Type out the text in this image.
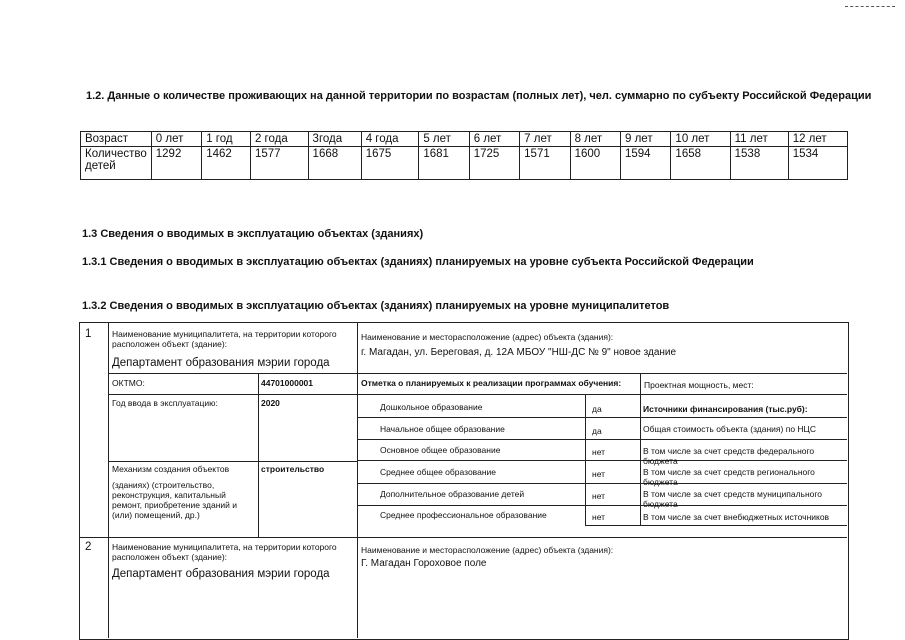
1.2. Данные о количестве проживающих на данной территории по возрастам (полных лет), чел. суммарно по субъекту Российской Федерации
Возраст	0 лет	1 год	2 года	3года	4 года	5 лет	6 лет	7 лет	8 лет	9 лет	10 лет	11 лет	12 лет
Количество детей	1292	1462	1577	1668	1675	1681	1725	1571	1600	1594	1658	1538	1534
1.3 Сведения о вводимых в эксплуатацию объектах (зданиях)
1.3.1 Сведения о вводимых в эксплуатацию объектах (зданиях) планируемых на уровне субъекта Российской Федерации
1.3.2 Сведения о вводимых в эксплуатацию объектах (зданиях) планируемых на уровне муниципалитетов
1 Наименование муниципалитета, на территории которого расположен объект (здание):
Департамент образования мэрии города
Наименование и месторасположение (адрес) объекта (здания):
г. Магадан, ул. Береговая, д. 12А МБОУ "НШ-ДС № 9" новое здание
ОКТМО:	44701000001	Отметка о планируемых к реализации программах обучения:	Проектная мощность, мест:
Год ввода в эксплуатацию:	2020
Механизм создания объектов
(зданиях) (строительство, реконструкция, капитальный ремонт, приобретение зданий и (или) помещений, др.)
строительство
Дошкольное образование	да	Источники финансирования (тыс.руб):
Начальное общее образование	да	Общая стоимость объекта (здания) по НЦС
Основное общее образование	нет	В том числе за счет средств федерального бюджета
Среднее общее образование	нет	В том числе за счет средств регионального бюджета
Дополнительное образование детей	нет	В том числе за счет средств муниципального бюджета
Среднее профессиональное образование	нет	В том числе за счет внебюджетных источников
2 Наименование муниципалитета, на территории которого расположен объект (здание):
Департамент образования мэрии города
Наименование и месторасположение (адрес) объекта (здания):
Г. Магадан Гороховое поле
